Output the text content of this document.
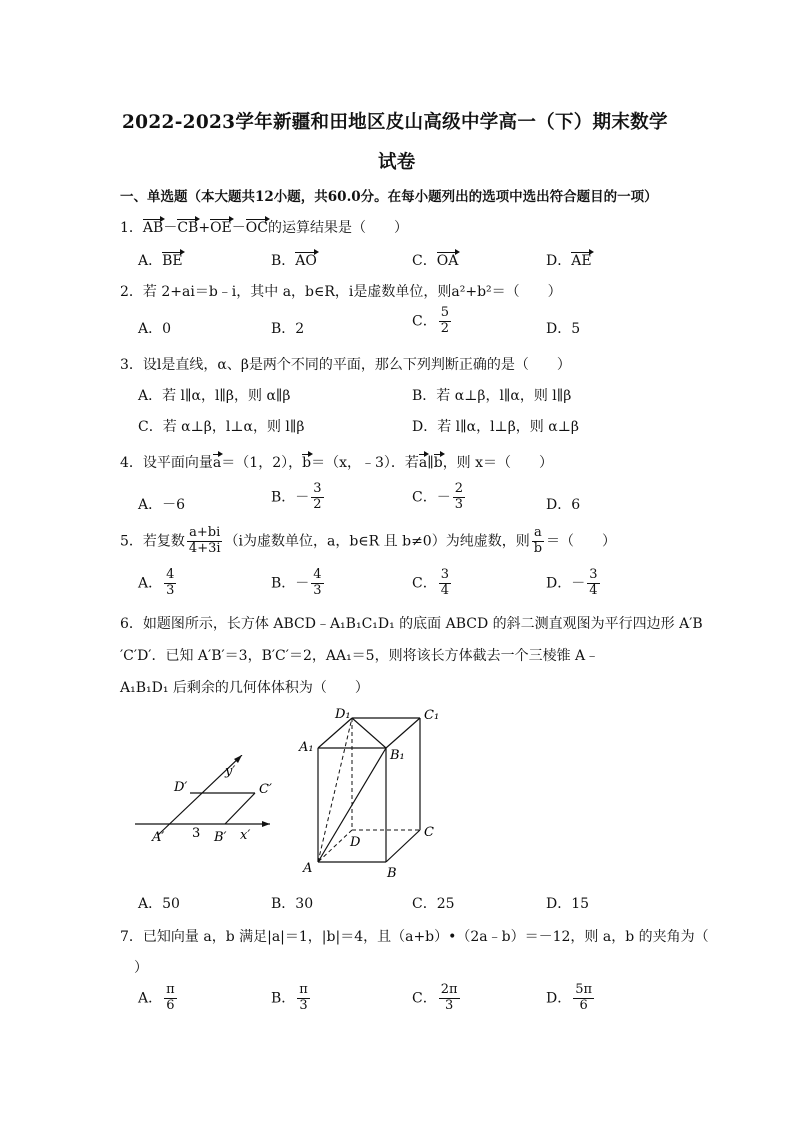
2022-2023学年新疆和田地区皮山高级中学高一（下）期末数学
试卷
一、单选题（本大题共12小题，共60.0分。在每小题列出的选项中选出符合题目的一项）
1．AB－CB+OE－OC的运算结果是（　　）
A．BE	B．AO	C．OA	D．AE
2．若 2+ai＝b﹣i，其中 a，b∈R，i是虚数单位，则a²+b²＝（　　）
A．0	B．2	C． $\frac{5}{2}$	D．5
3．设l是直线，α、β是两个不同的平面，那么下列判断正确的是（　　）
A．若 l∥α，l∥β，则 α∥β	B．若 α⊥β，l∥α，则 l∥β
C．若 α⊥β，l⊥α，则 l∥β	D．若 l∥α，l⊥β，则 α⊥β
4．设平面向量a＝（1，2），b＝（x，﹣3）．若a∥b，则 x＝（　　）
A．－6	B．－ $\frac{3}{2}$	C．－ $\frac{2}{3}$	D．6
5．若复数 $\frac{a+bi}{4+3i} (i$为虚数单位，a，b∈R 且 b≠0）为纯虚数，则 $\frac{a}{b}$ ＝（　　）
A． $\frac{4}{3}$	B．－ $\frac{4}{3}$	C． $\frac{3}{4}$	D．－ $\frac{3}{4}$
6．如题图所示，长方体 ABCD﹣A₁B₁C₁D₁ 的底面 ABCD 的斜二测直观图为平行四边形 A′B
′C′D′．已知 A′B′＝3，B′C′＝2，AA₁＝5，则将该长方体截去一个三棱锥 A﹣
A₁B₁D₁ 后剩余的几何体体积为（　　）
y′
D′	C′
A′ 3 B′ x′
D₁	C₁
A₁
B₁
C
D
A	B
A．50	B．30	C．25	D．15
7．已知向量 a，b 满足|a|＝1，|b|＝4，且（a+b）•（2a﹣b）＝－12，则 a，b 的夹角为（
）
A． $\frac{\pi}{6}$	B． $\frac{\pi}{3}$	C． $\frac{2\pi}{3}$	D． $\frac{5\pi}{6}$
